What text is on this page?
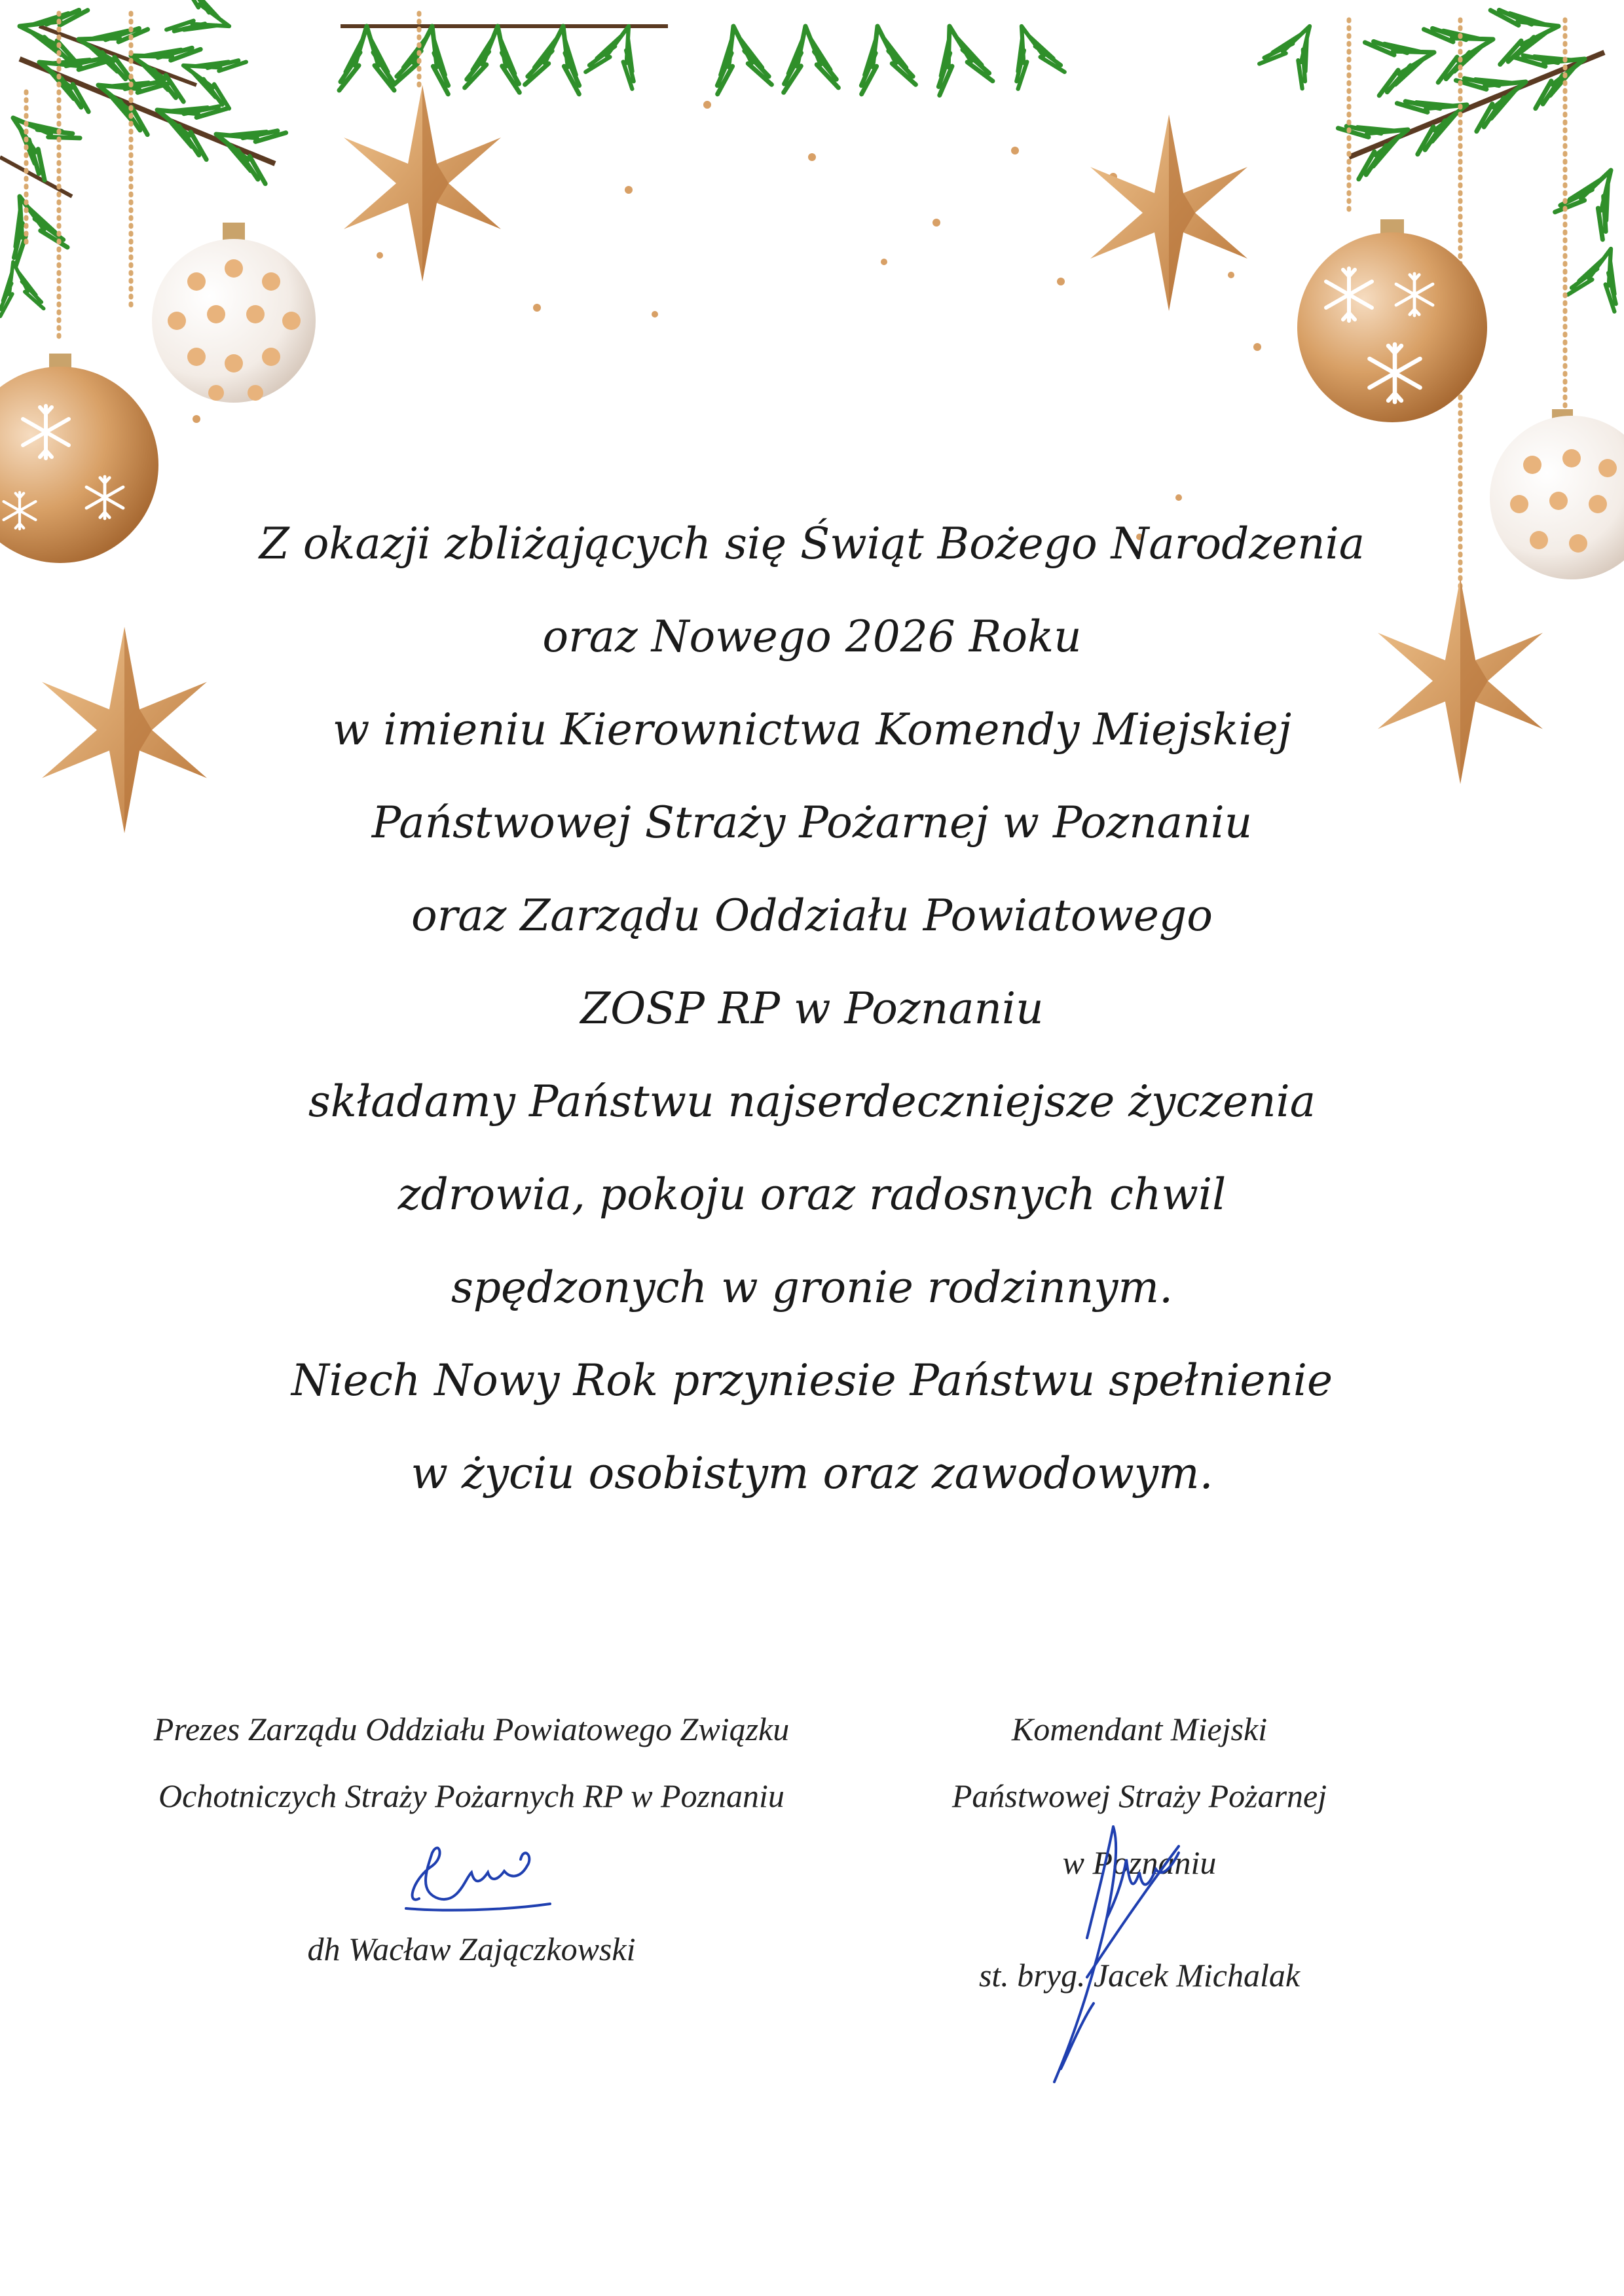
Z okazji zbliżających się Świąt Bożego Narodzenia
oraz Nowego 2026 Roku
w imieniu Kierownictwa Komendy Miejskiej
Państwowej Straży Pożarnej w Poznaniu
oraz Zarządu Oddziału Powiatowego
ZOSP RP w Poznaniu
składamy Państwu najserdeczniejsze życzenia
zdrowia, pokoju oraz radosnych chwil
spędzonych w gronie rodzinnym.
Niech Nowy Rok przyniesie Państwu spełnienie
w życiu osobistym oraz zawodowym.
Prezes Zarządu Oddziału Powiatowego Związku
Ochotniczych Straży Pożarnych RP w Poznaniu
dh Wacław Zajączkowski
Komendant Miejski
Państwowej Straży Pożarnej
w Poznaniu
st. bryg. Jacek Michalak
